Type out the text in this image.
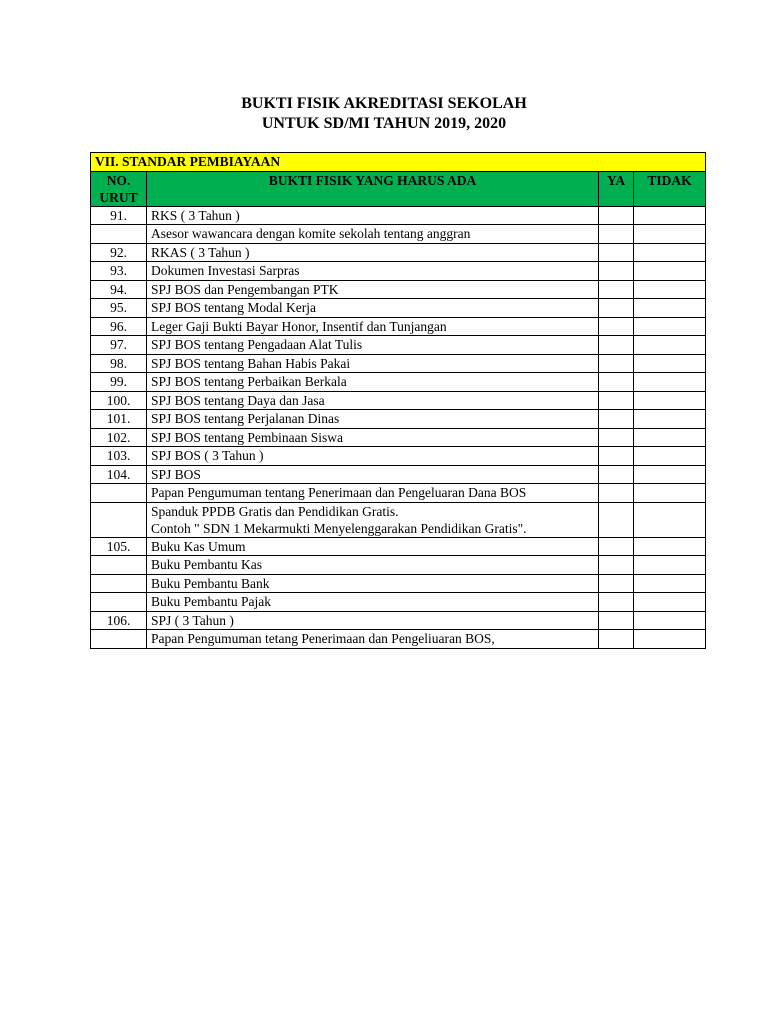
BUKTI FISIK AKREDITASI SEKOLAH
UNTUK SD/MI TAHUN 2019, 2020
VII. STANDAR PEMBIAYAAN			

NO.
URUT	BUKTI FISIK YANG HARUS ADA	YA	TIDAK
91.	RKS ( 3 Tahun )		

	Asesor wawancara dengan komite sekolah tentang anggran		

92.	RKAS ( 3 Tahun )		

93.	Dokumen Investasi Sarpras		

94.	SPJ BOS dan Pengembangan PTK		

95.	SPJ BOS tentang Modal Kerja		

96.	Leger Gaji Bukti Bayar Honor, Insentif dan Tunjangan		

97.	SPJ BOS tentang Pengadaan Alat Tulis		

98.	SPJ BOS tentang Bahan Habis Pakai		

99.	SPJ BOS tentang Perbaikan Berkala		

100.	SPJ BOS tentang Daya dan Jasa		

101.	SPJ BOS tentang Perjalanan Dinas		

102.	SPJ BOS tentang Pembinaan Siswa		

103.	SPJ BOS ( 3 Tahun )		

104.	SPJ BOS		

	Papan Pengumuman tentang Penerimaan dan Pengeluaran Dana BOS		

	Spanduk PPDB Gratis dan Pendidikan Gratis.
Contoh " SDN 1 Mekarmukti Menyelenggarakan Pendidikan Gratis".		

105.	Buku Kas Umum		

	Buku Pembantu Kas		

	Buku Pembantu Bank		

	Buku Pembantu Pajak		

106.	SPJ ( 3 Tahun )		

	Papan Pengumuman tetang Penerimaan dan Pengeliuaran BOS,		
